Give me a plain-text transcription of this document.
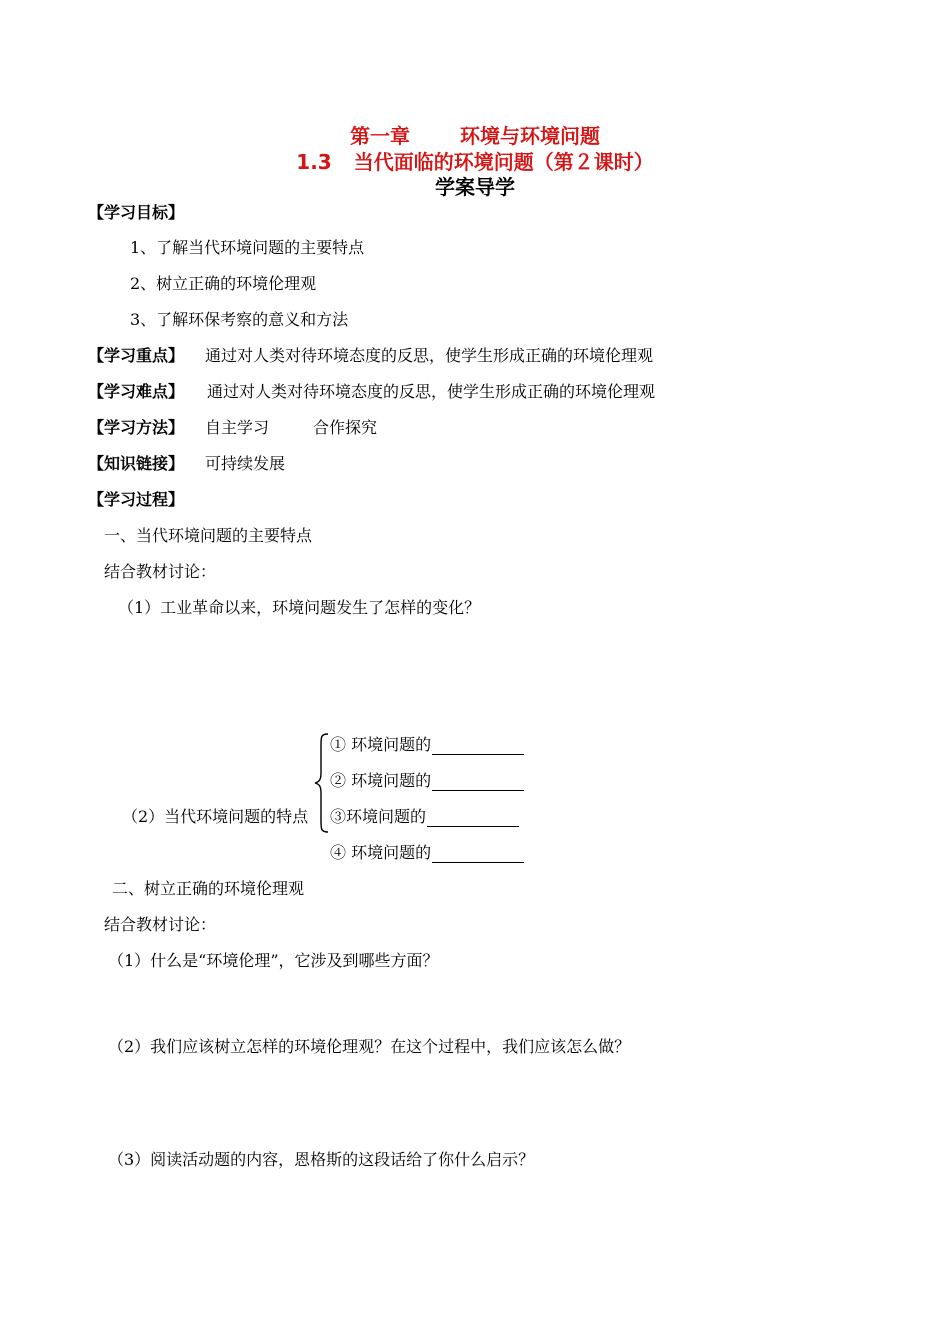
第一章	环境与环境问题
1.3 当代面临的环境问题（第２课时）
学案导学
【学习目标】
1、了解当代环境问题的主要特点
2、树立正确的环境伦理观
3、了解环保考察的意义和方法
【学习重点】 通过对人类对待环境态度的反思，使学生形成正确的环境伦理观
【学习难点】 通过对人类对待环境态度的反思，使学生形成正确的环境伦理观
【学习方法】 自主学习	合作探究
【知识链接】 可持续发展
【学习过程】
一、当代环境问题的主要特点
结合教材讨论：
（1）工业革命以来，环境问题发生了怎样的变化？
（2）当代环境问题的特点
① 环境问题的
② 环境问题的
③环境问题的
④ 环境问题的
二、树立正确的环境伦理观
结合教材讨论：
（1）什么是“环境伦理”，它涉及到哪些方面？
（2）我们应该树立怎样的环境伦理观？在这个过程中，我们应该怎么做？
（3）阅读活动题的内容，恩格斯的这段话给了你什么启示？
